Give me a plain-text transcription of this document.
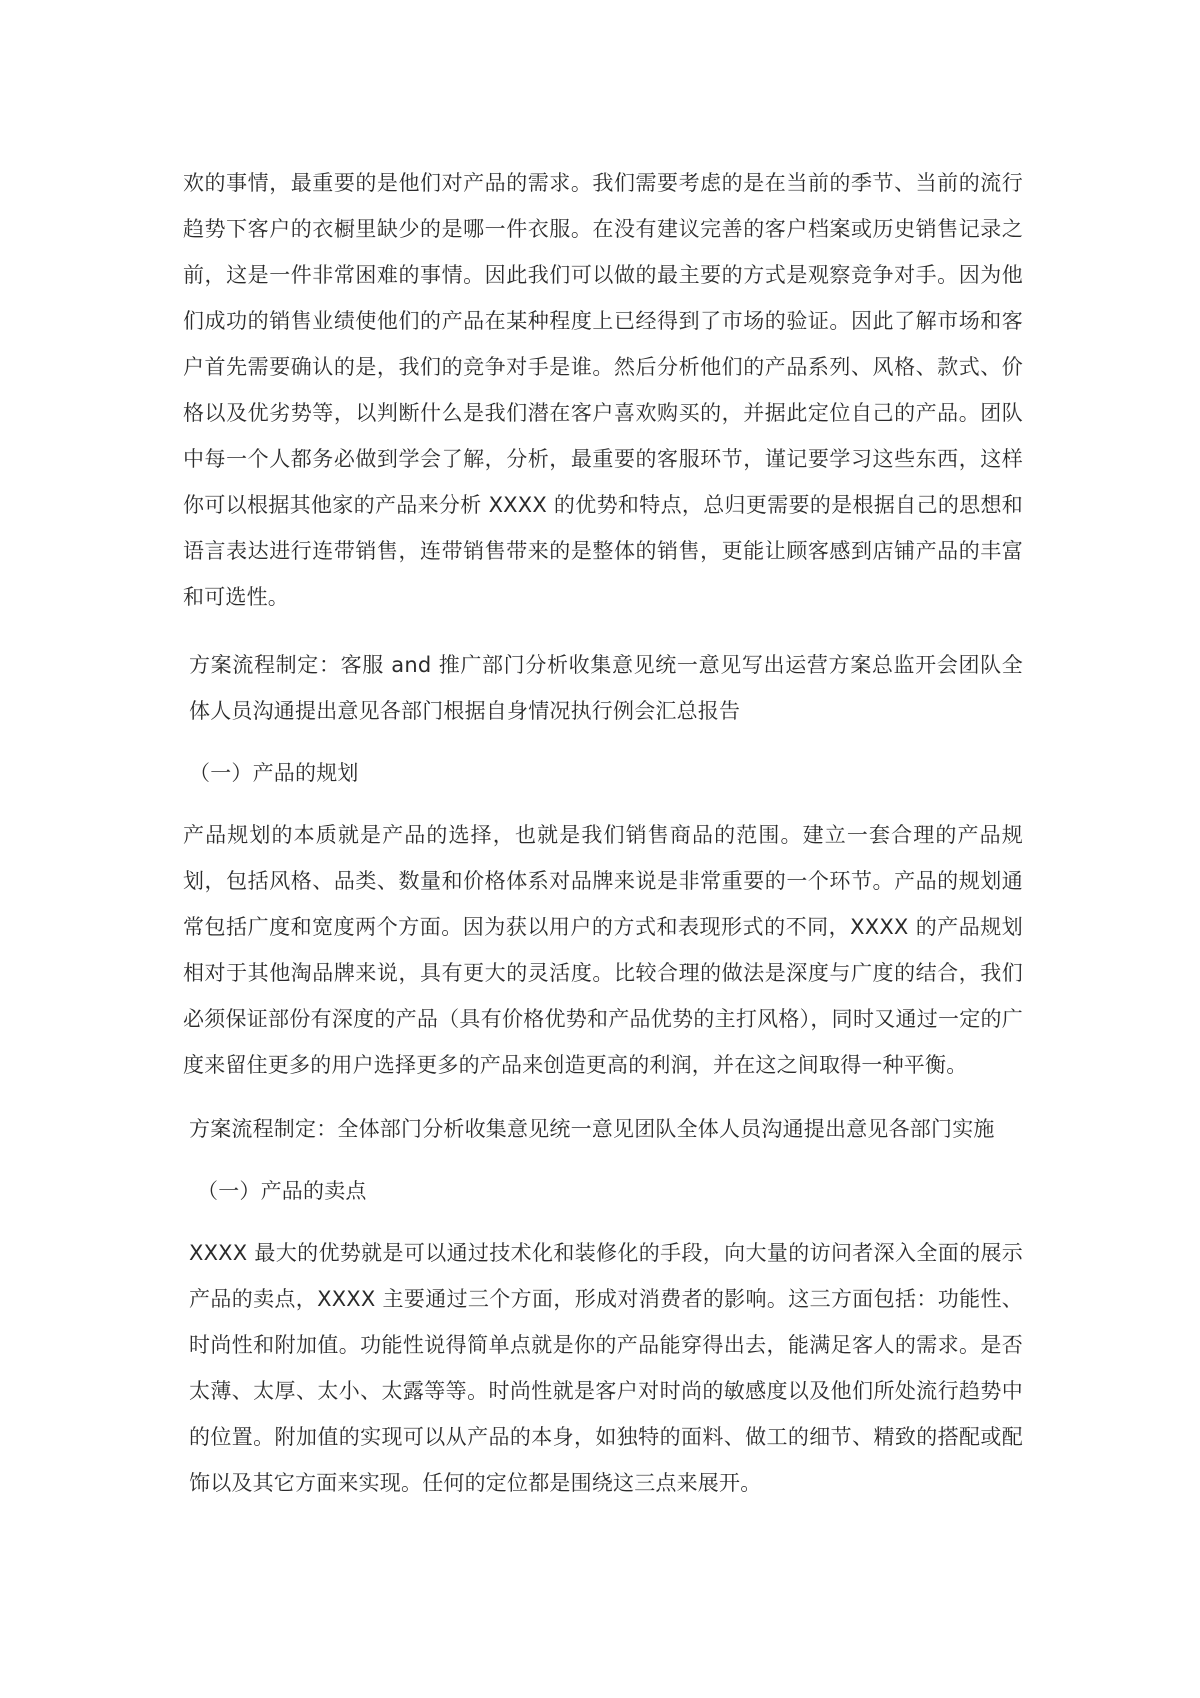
欢的事情，最重要的是他们对产品的需求。我们需要考虑的是在当前的季节、当前的流行趋势下客户的衣橱里缺少的是哪一件衣服。在没有建议完善的客户档案或历史销售记录之前，这是一件非常困难的事情。因此我们可以做的最主要的方式是观察竞争对手。因为他们成功的销售业绩使他们的产品在某种程度上已经得到了市场的验证。因此了解市场和客户首先需要确认的是，我们的竞争对手是谁。然后分析他们的产品系列、风格、款式、价格以及优劣势等，以判断什么是我们潜在客户喜欢购买的，并据此定位自己的产品。团队中每一个人都务必做到学会了解，分析，最重要的客服环节，谨记要学习这些东西，这样你可以根据其他家的产品来分析 XXXX 的优势和特点，总归更需要的是根据自己的思想和语言表达进行连带销售，连带销售带来的是整体的销售，更能让顾客感到店铺产品的丰富和可选性。

方案流程制定：客服 and 推广部门分析收集意见统一意见写出运营方案总监开会团队全体人员沟通提出意见各部门根据自身情况执行例会汇总报告

（一）产品的规划

产品规划的本质就是产品的选择，也就是我们销售商品的范围。建立一套合理的产品规划，包括风格、品类、数量和价格体系对品牌来说是非常重要的一个环节。产品的规划通常包括广度和宽度两个方面。因为获以用户的方式和表现形式的不同，XXXX 的产品规划相对于其他淘品牌来说，具有更大的灵活度。比较合理的做法是深度与广度的结合，我们必须保证部份有深度的产品（具有价格优势和产品优势的主打风格），同时又通过一定的广度来留住更多的用户选择更多的产品来创造更高的利润，并在这之间取得一种平衡。

方案流程制定：全体部门分析收集意见统一意见团队全体人员沟通提出意见各部门实施

（一）产品的卖点

XXXX 最大的优势就是可以通过技术化和装修化的手段，向大量的访问者深入全面的展示产品的卖点，XXXX 主要通过三个方面，形成对消费者的影响。这三方面包括：功能性、时尚性和附加值。功能性说得简单点就是你的产品能穿得出去，能满足客人的需求。是否太薄、太厚、太小、太露等等。时尚性就是客户对时尚的敏感度以及他们所处流行趋势中的位置。附加值的实现可以从产品的本身，如独特的面料、做工的细节、精致的搭配或配饰以及其它方面来实现。任何的定位都是围绕这三点来展开。
